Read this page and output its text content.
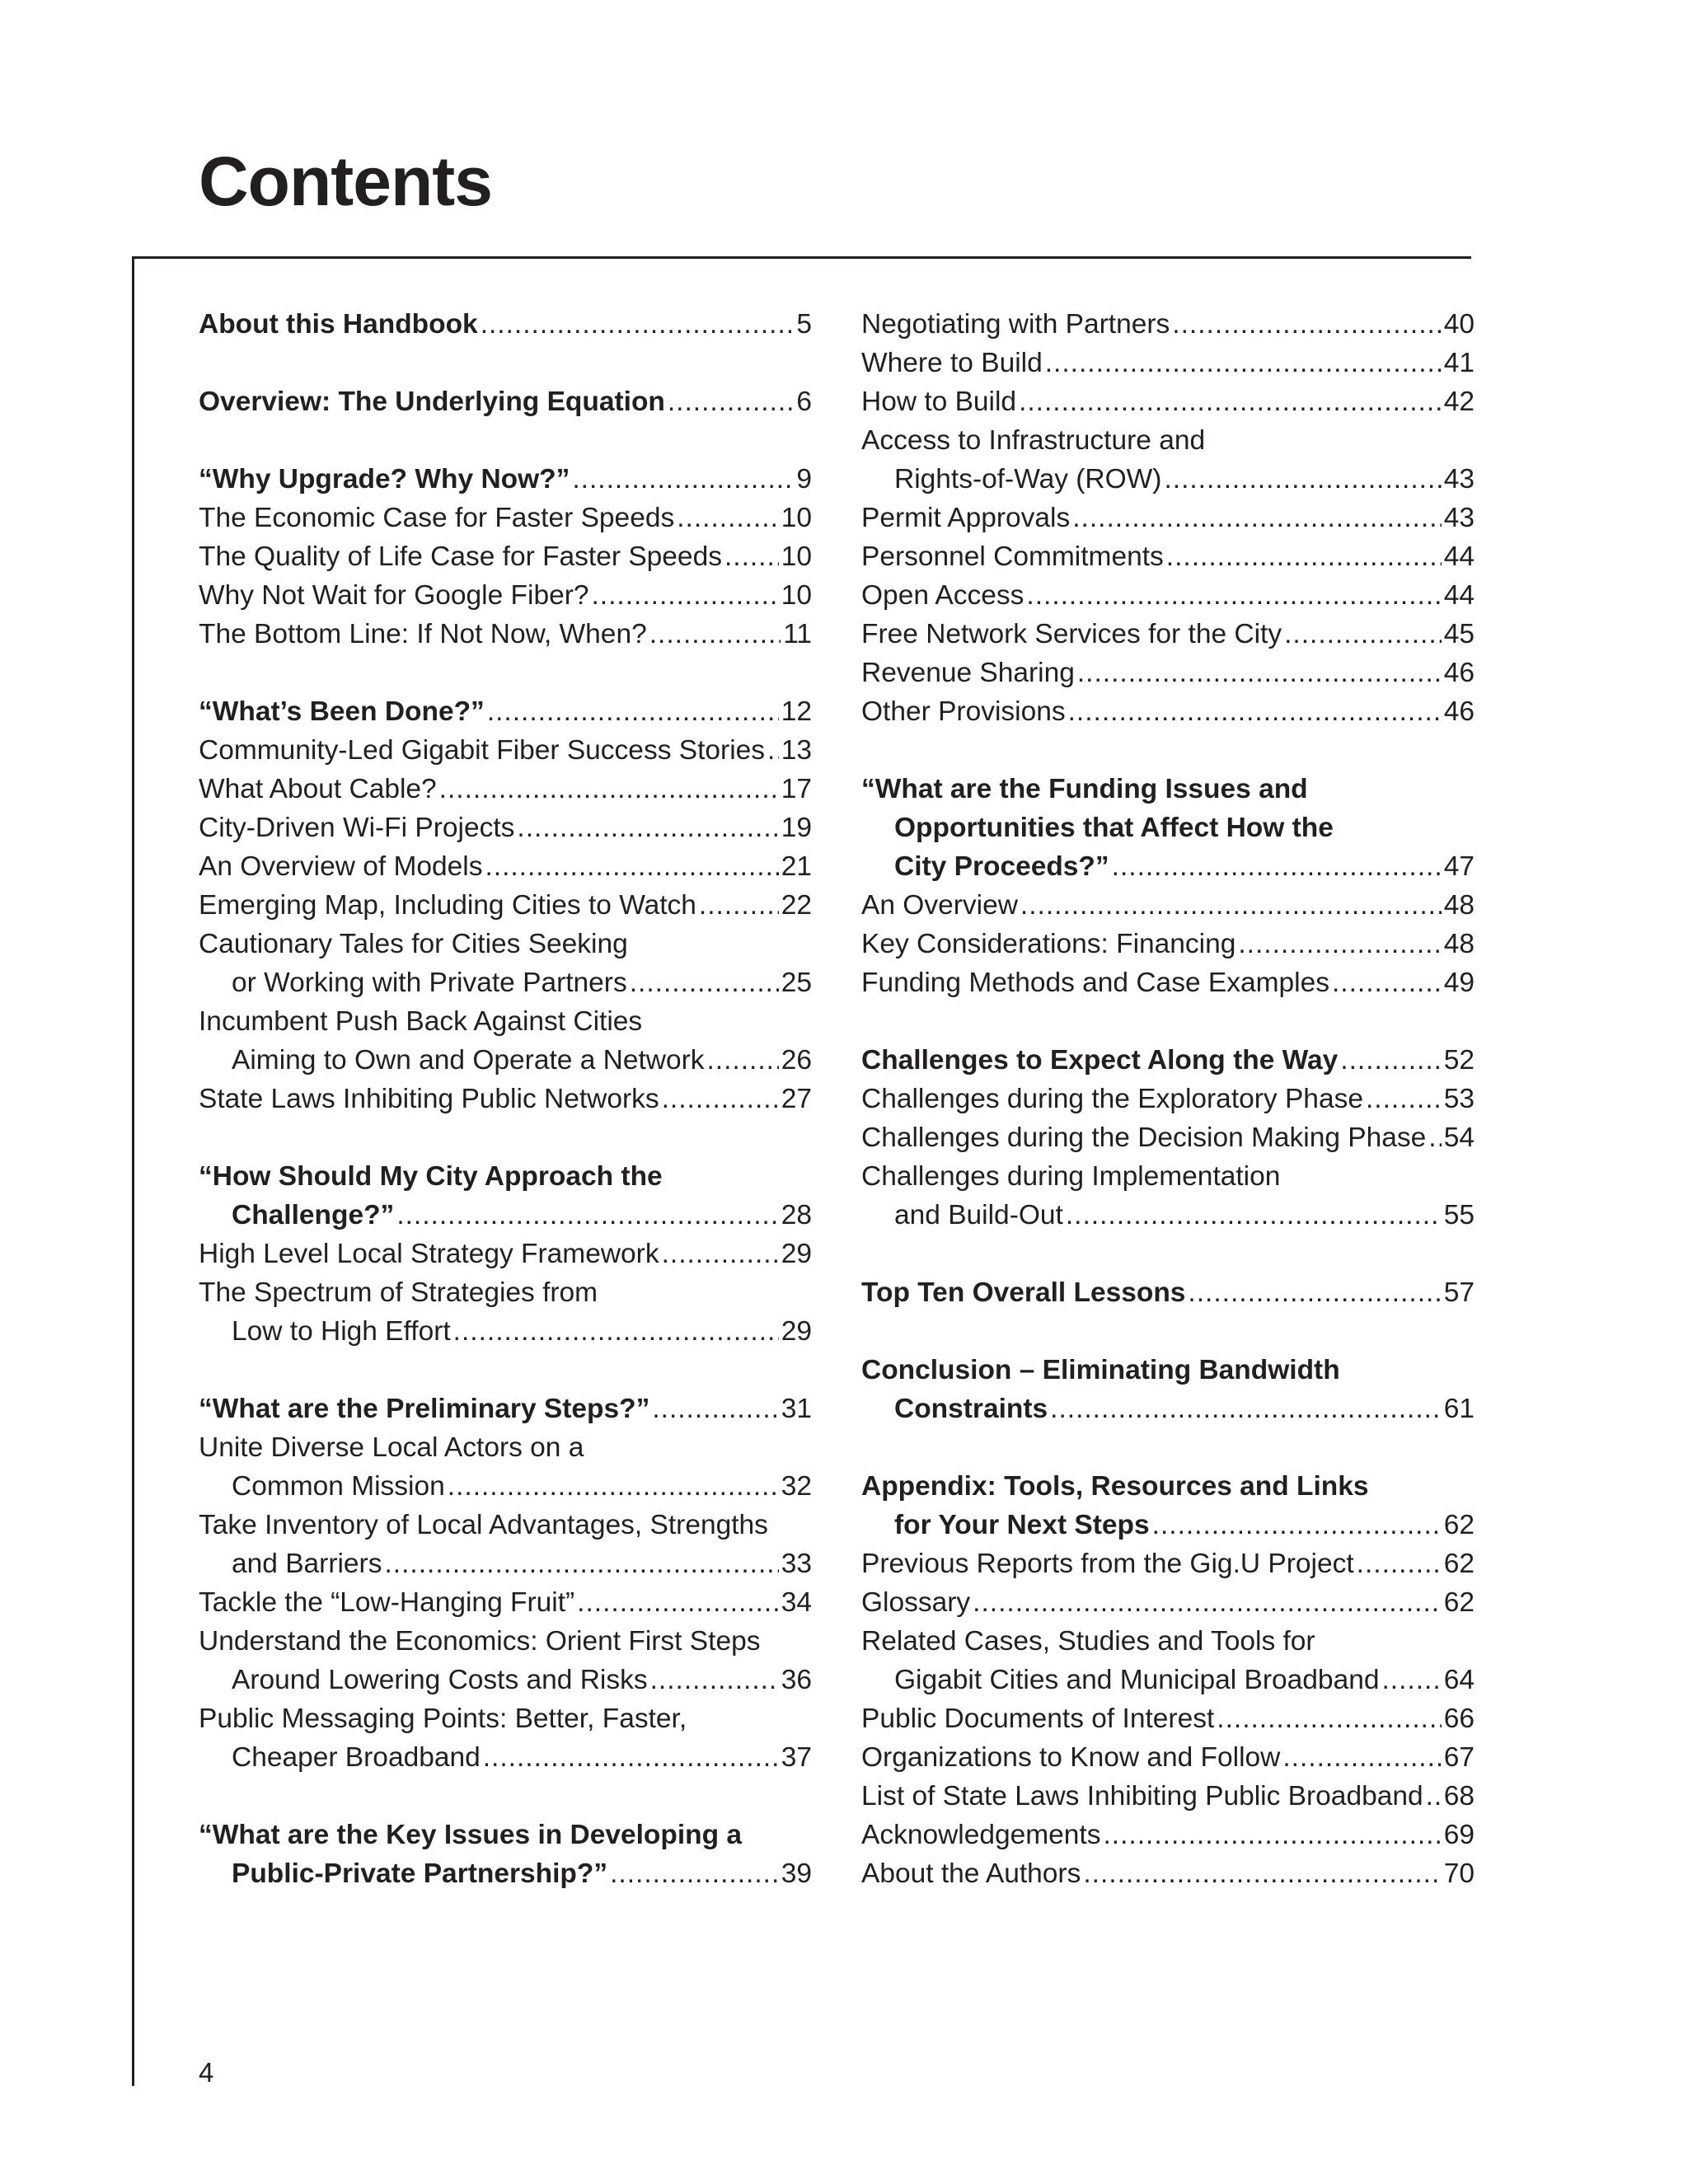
Contents
About this Handbook .....	5
Overview: The Underlying Equation .....	6
“Why Upgrade? Why Now?” .....	9
The Economic Case for Faster Speeds .....	10
The Quality of Life Case for Faster Speeds ..... 10
Why Not Wait for Google Fiber? .....	10
The Bottom Line: If Not Now, When? .....	11
“What’s Been Done?” .....	12
Community-Led Gigabit Fiber Success Stories ..... 13
What About Cable? .....	17
City-Driven Wi-Fi Projects .....	19
An Overview of Models .....	21
Emerging Map, Including Cities to Watch .....	22
Cautionary Tales for Cities Seeking
or Working with Private Partners .....	25
Incumbent Push Back Against Cities
Aiming to Own and Operate a Network .....	26
State Laws Inhibiting Public Networks .....	27
“How Should My City Approach the
Challenge?” .....	28
High Level Local Strategy Framework .....	29
The Spectrum of Strategies from
Low to High Effort .....	29
“What are the Preliminary Steps?” .....	31
Unite Diverse Local Actors on a
Common Mission .....	32
Take Inventory of Local Advantages, Strengths
and Barriers .....	33
Tackle the “Low-Hanging Fruit” .....	34
Understand the Economics: Orient First Steps
Around Lowering Costs and Risks .....	36
Public Messaging Points: Better, Faster,
Cheaper Broadband .....	37
“What are the Key Issues in Developing a
Public-Private Partnership?” .....	39
Negotiating with Partners .....	40
Where to Build .....	41
How to Build .....	42
Access to Infrastructure and
Rights-of-Way (ROW) .....	43
Permit Approvals .....	43
Personnel Commitments .....	44
Open Access .....	44
Free Network Services for the City .....	45
Revenue Sharing .....	46
Other Provisions .....	46
“What are the Funding Issues and
Opportunities that Affect How the
City Proceeds?” .....	47
An Overview .....	48
Key Considerations: Financing .....	48
Funding Methods and Case Examples .....	49
Challenges to Expect Along the Way .....	52
Challenges during the Exploratory Phase .....	53
Challenges during the Decision Making Phase ..... 54
Challenges during Implementation
and Build-Out .....	55
Top Ten Overall Lessons .....	57
Conclusion – Eliminating Bandwidth
Constraints .....	61
Appendix: Tools, Resources and Links
for Your Next Steps .....	62
Previous Reports from the Gig.U Project .....	62
Glossary .....	62
Related Cases, Studies and Tools for
Gigabit Cities and Municipal Broadband ..... 64
Public Documents of Interest .....	66
Organizations to Know and Follow .....	67
List of State Laws Inhibiting Public Broadband ..... 68
Acknowledgements .....	69
About the Authors .....	70
4
